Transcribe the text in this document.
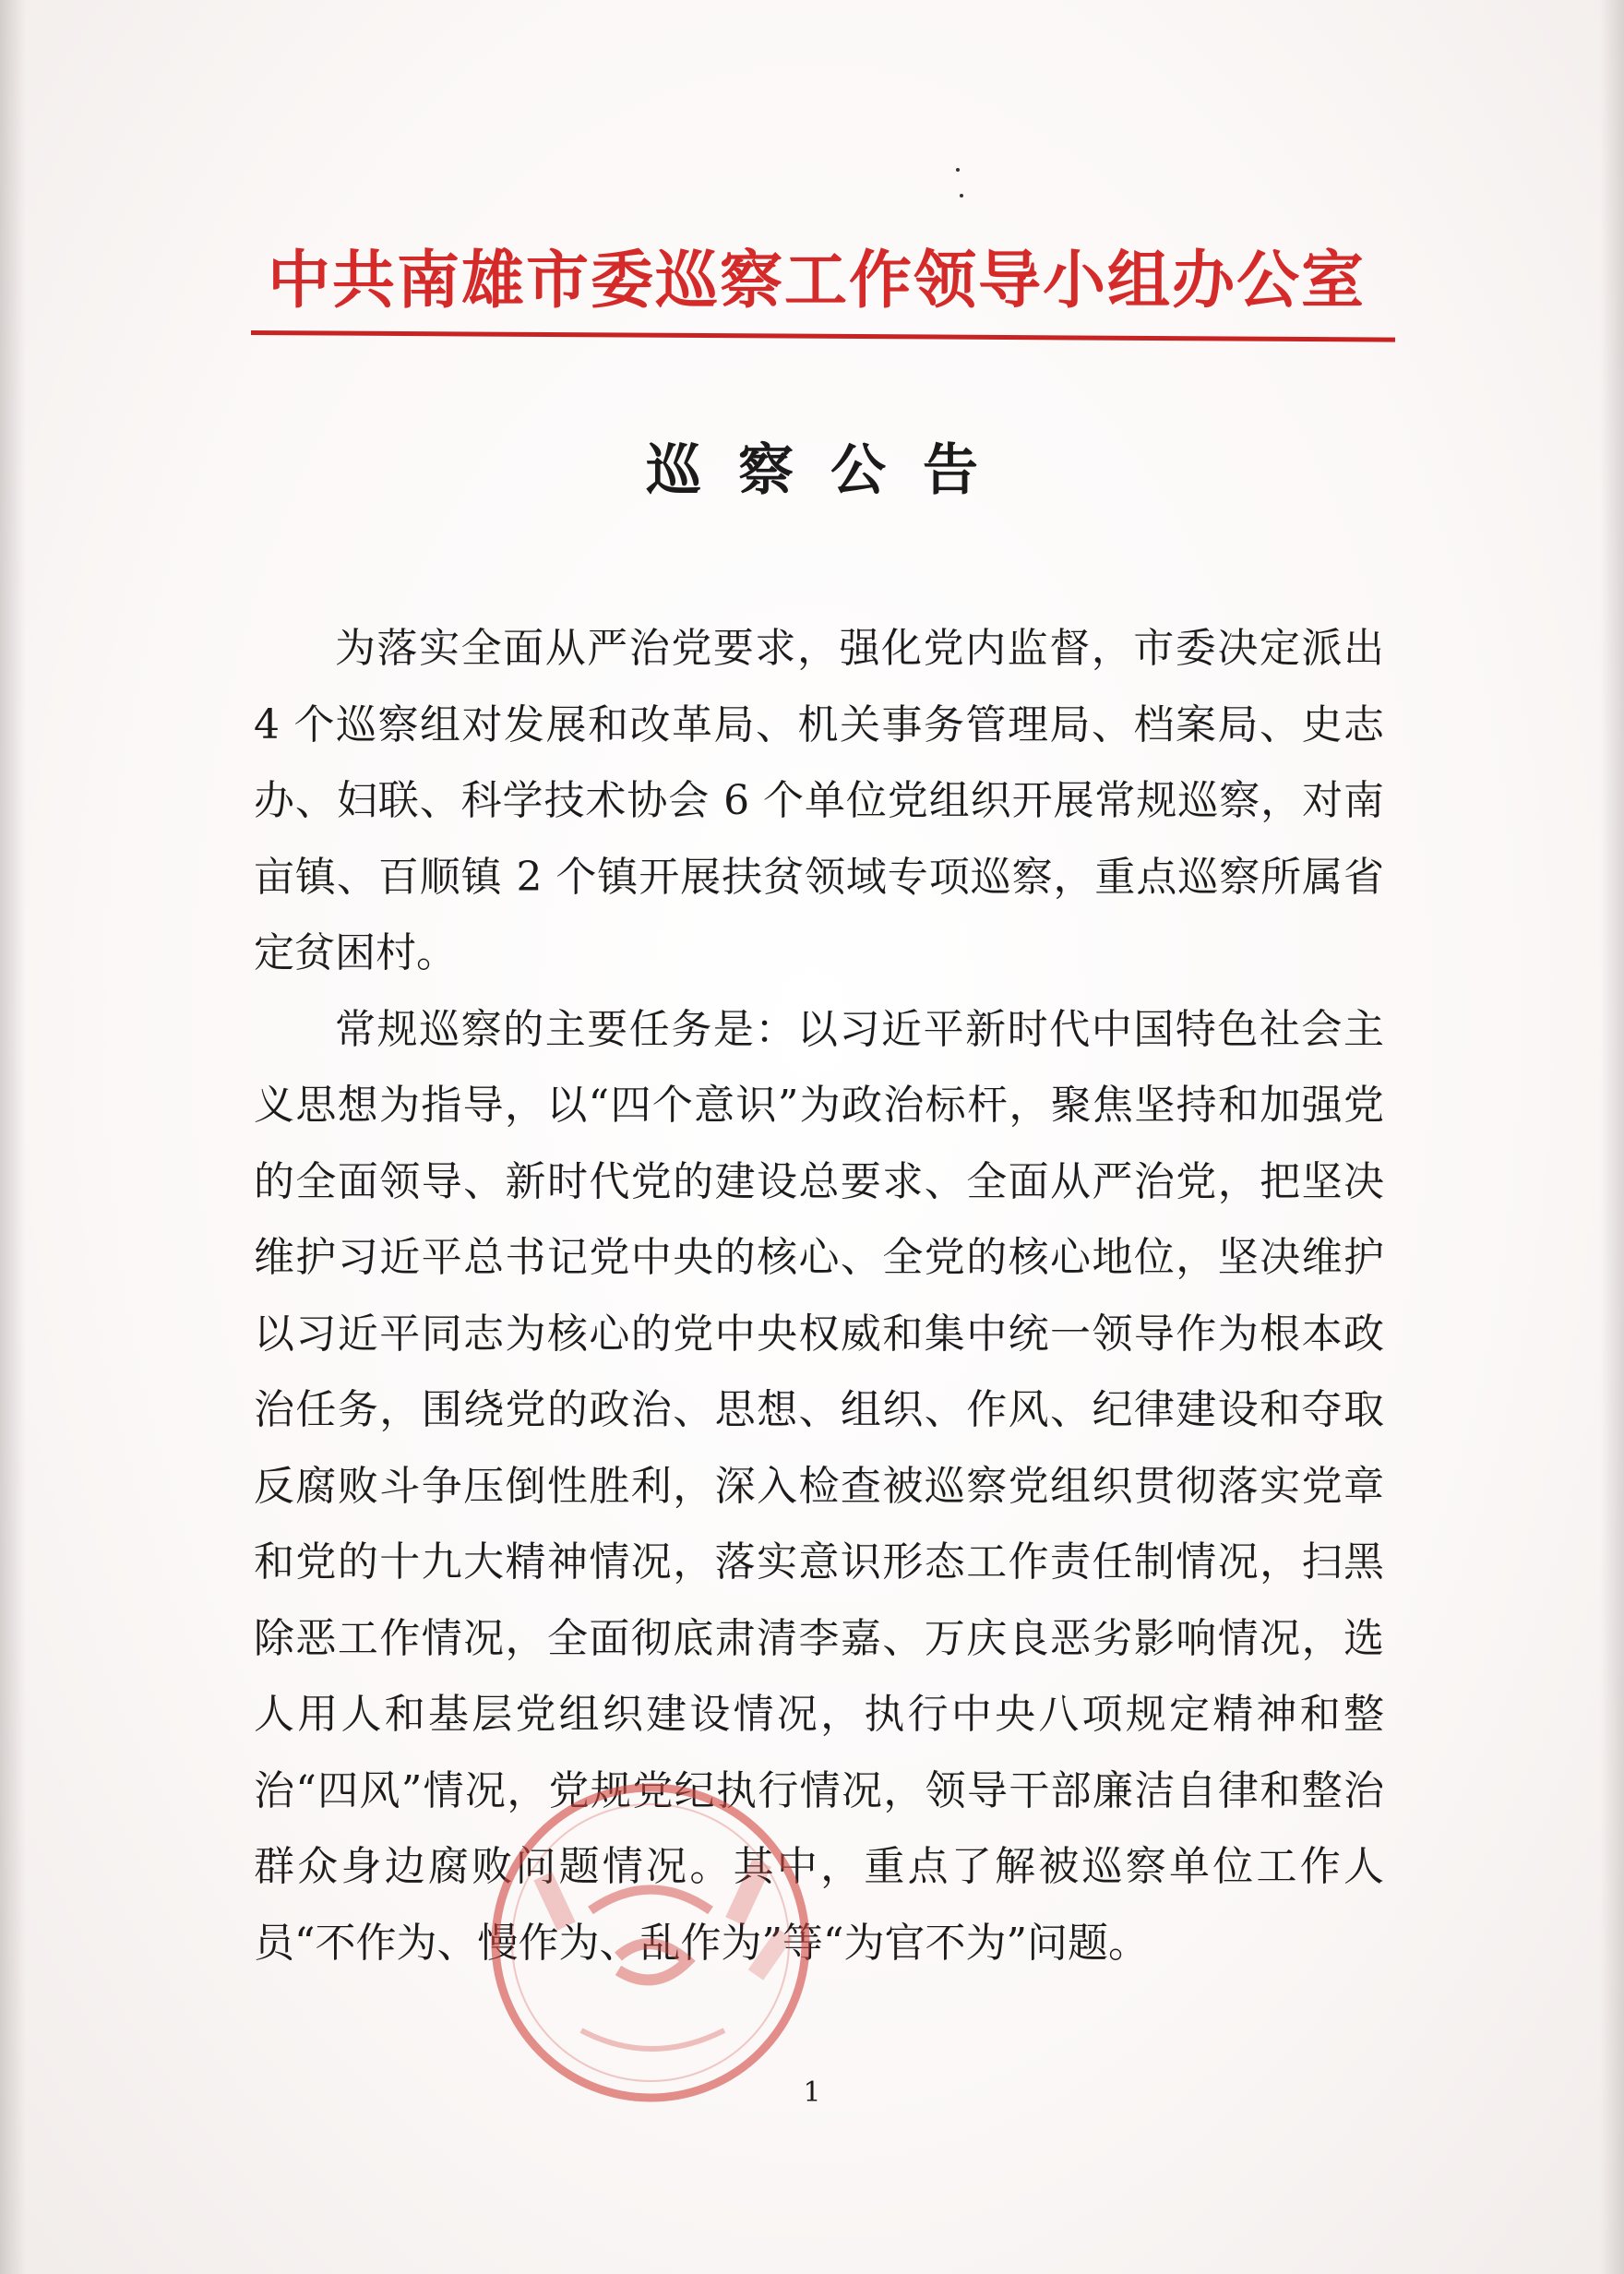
中共南雄市委巡察工作领导小组办公室
巡察公告

为落实全面从严治党要求，强化党内监督，市委决定派出 4 个巡察组对发展和改革局、机关事务管理局、档案局、史志办、妇联、科学技术协会 6 个单位党组织开展常规巡察，对南亩镇、百顺镇 2 个镇开展扶贫领域专项巡察，重点巡察所属省定贫困村。

常规巡察的主要任务是：以习近平新时代中国特色社会主义思想为指导，以“四个意识”为政治标杆，聚焦坚持和加强党的全面领导、新时代党的建设总要求、全面从严治党，把坚决维护习近平总书记党中央的核心、全党的核心地位，坚决维护以习近平同志为核心的党中央权威和集中统一领导作为根本政治任务，围绕党的政治、思想、组织、作风、纪律建设和夺取反腐败斗争压倒性胜利，深入检查被巡察党组织贯彻落实党章和党的十九大精神情况，落实意识形态工作责任制情况，扫黑除恶工作情况，全面彻底肃清李嘉、万庆良恶劣影响情况，选人用人和基层党组织建设情况，执行中央八项规定精神和整治“四风”情况，党规党纪执行情况，领导干部廉洁自律和整治群众身边腐败问题情况。其中，重点了解被巡察单位工作人员“不作为、慢作为、乱作为”等“为官不为”问题。

1
